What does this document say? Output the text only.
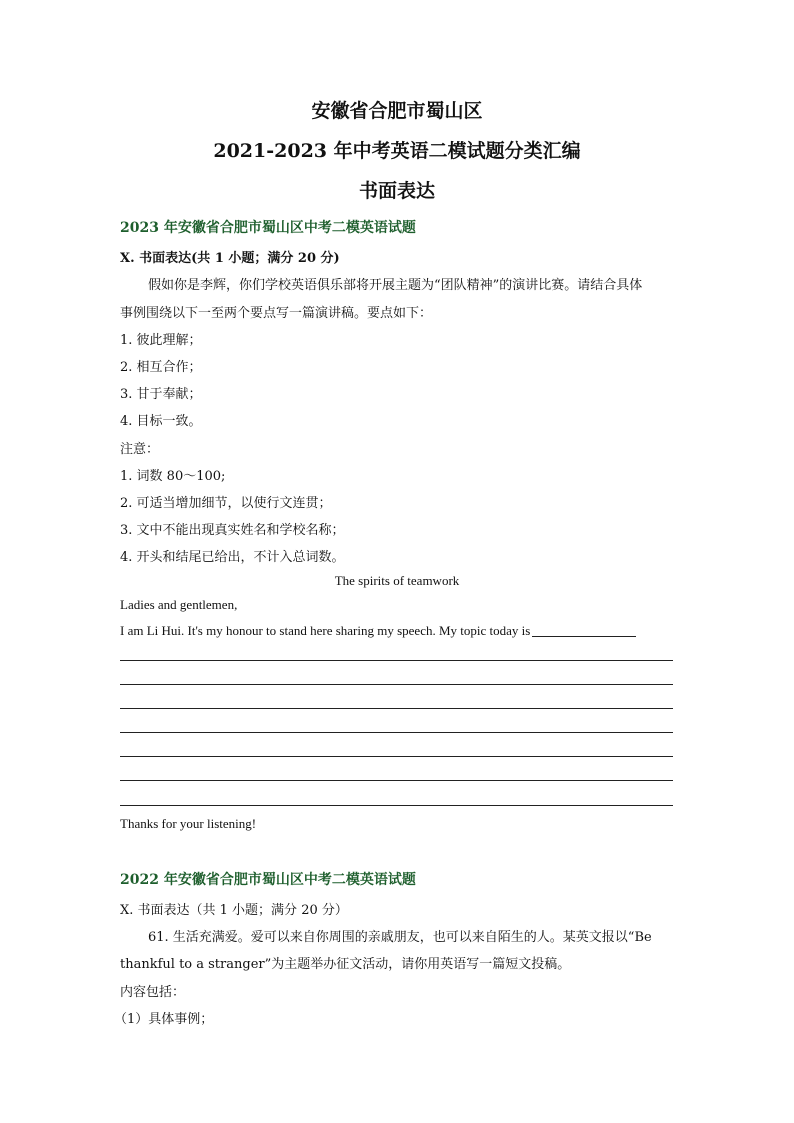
安徽省合肥市蜀山区
2021-2023 年中考英语二模试题分类汇编
书面表达
2023 年安徽省合肥市蜀山区中考二模英语试题
X. 书面表达(共 1 小题；满分 20 分)
假如你是李辉，你们学校英语俱乐部将开展主题为“团队精神”的演讲比赛。请结合具体
事例围绕以下一至两个要点写一篇演讲稿。要点如下：
1. 彼此理解；
2. 相互合作；
3. 甘于奉献；
4. 目标一致。
注意：
1. 词数 80～100;
2. 可适当增加细节，以使行文连贯；
3. 文中不能出现真实姓名和学校名称；
4. 开头和结尾已给出，不计入总词数。
The spirits of teamwork
Ladies and gentlemen,
I am Li Hui. It's my honour to stand here sharing my speech. My topic today is
Thanks for your listening!
2022 年安徽省合肥市蜀山区中考二模英语试题
X. 书面表达（共 1 小题；满分 20 分）
61. 生活充满爱。爱可以来自你周围的亲戚朋友，也可以来自陌生的人。某英文报以“Be
thankful to a stranger”为主题举办征文活动，请你用英语写一篇短文投稿。
内容包括：
（1）具体事例；
